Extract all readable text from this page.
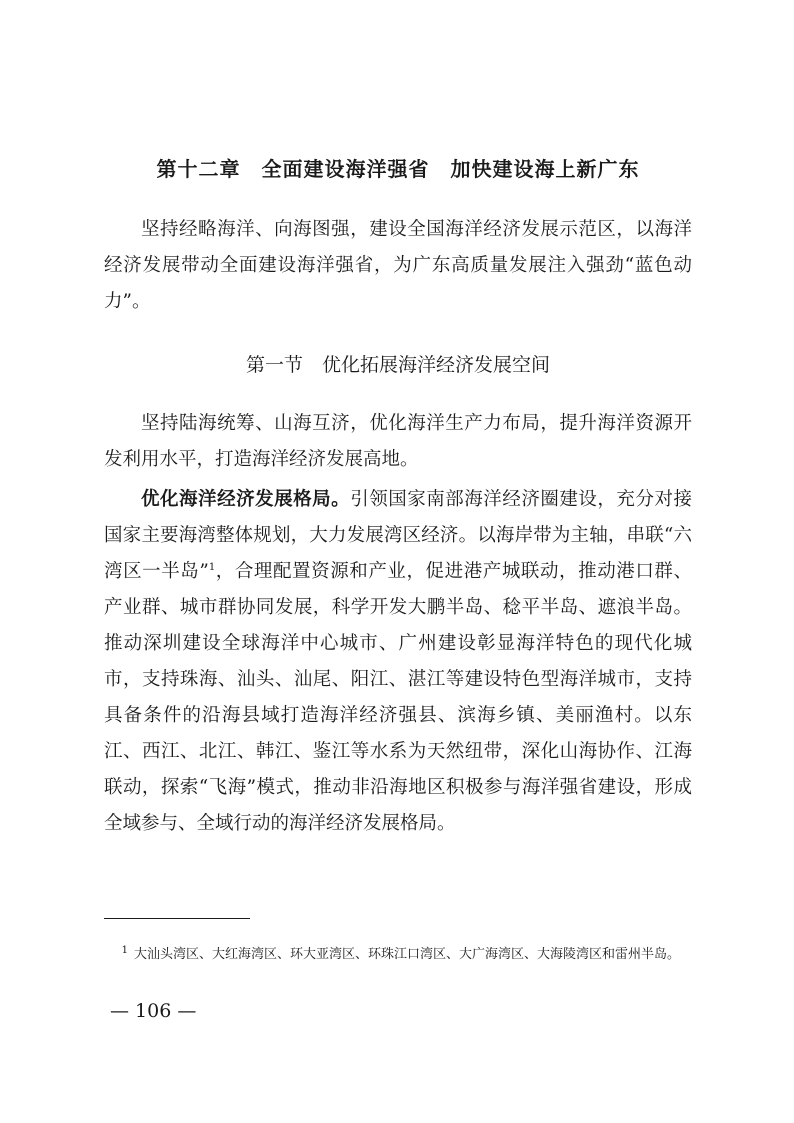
第十二章　全面建设海洋强省　加快建设海上新广东

坚持经略海洋、向海图强，建设全国海洋经济发展示范区，以海洋经济发展带动全面建设海洋强省，为广东高质量发展注入强劲“蓝色动力”。

第一节　优化拓展海洋经济发展空间

坚持陆海统筹、山海互济，优化海洋生产力布局，提升海洋资源开发利用水平，打造海洋经济发展高地。

优化海洋经济发展格局。引领国家南部海洋经济圈建设，充分对接国家主要海湾整体规划，大力发展湾区经济。以海岸带为主轴，串联“六湾区一半岛”$^1$，合理配置资源和产业，促进港产城联动，推动港口群、产业群、城市群协同发展，科学开发大鹏半岛、稔平半岛、遮浪半岛。推动深圳建设全球海洋中心城市、广州建设彰显海洋特色的现代化城市，支持珠海、汕头、汕尾、阳江、湛江等建设特色型海洋城市，支持具备条件的沿海县域打造海洋经济强县、滨海乡镇、美丽渔村。以东江、西江、北江、韩江、鉴江等水系为天然纽带，深化山海协作、江海联动，探索“飞海”模式，推动非沿海地区积极参与海洋强省建设，形成全域参与、全域行动的海洋经济发展格局。

1 大汕头湾区、大红海湾区、环大亚湾区、环珠江口湾区、大广海湾区、大海陵湾区和雷州半岛。
— 106 —
